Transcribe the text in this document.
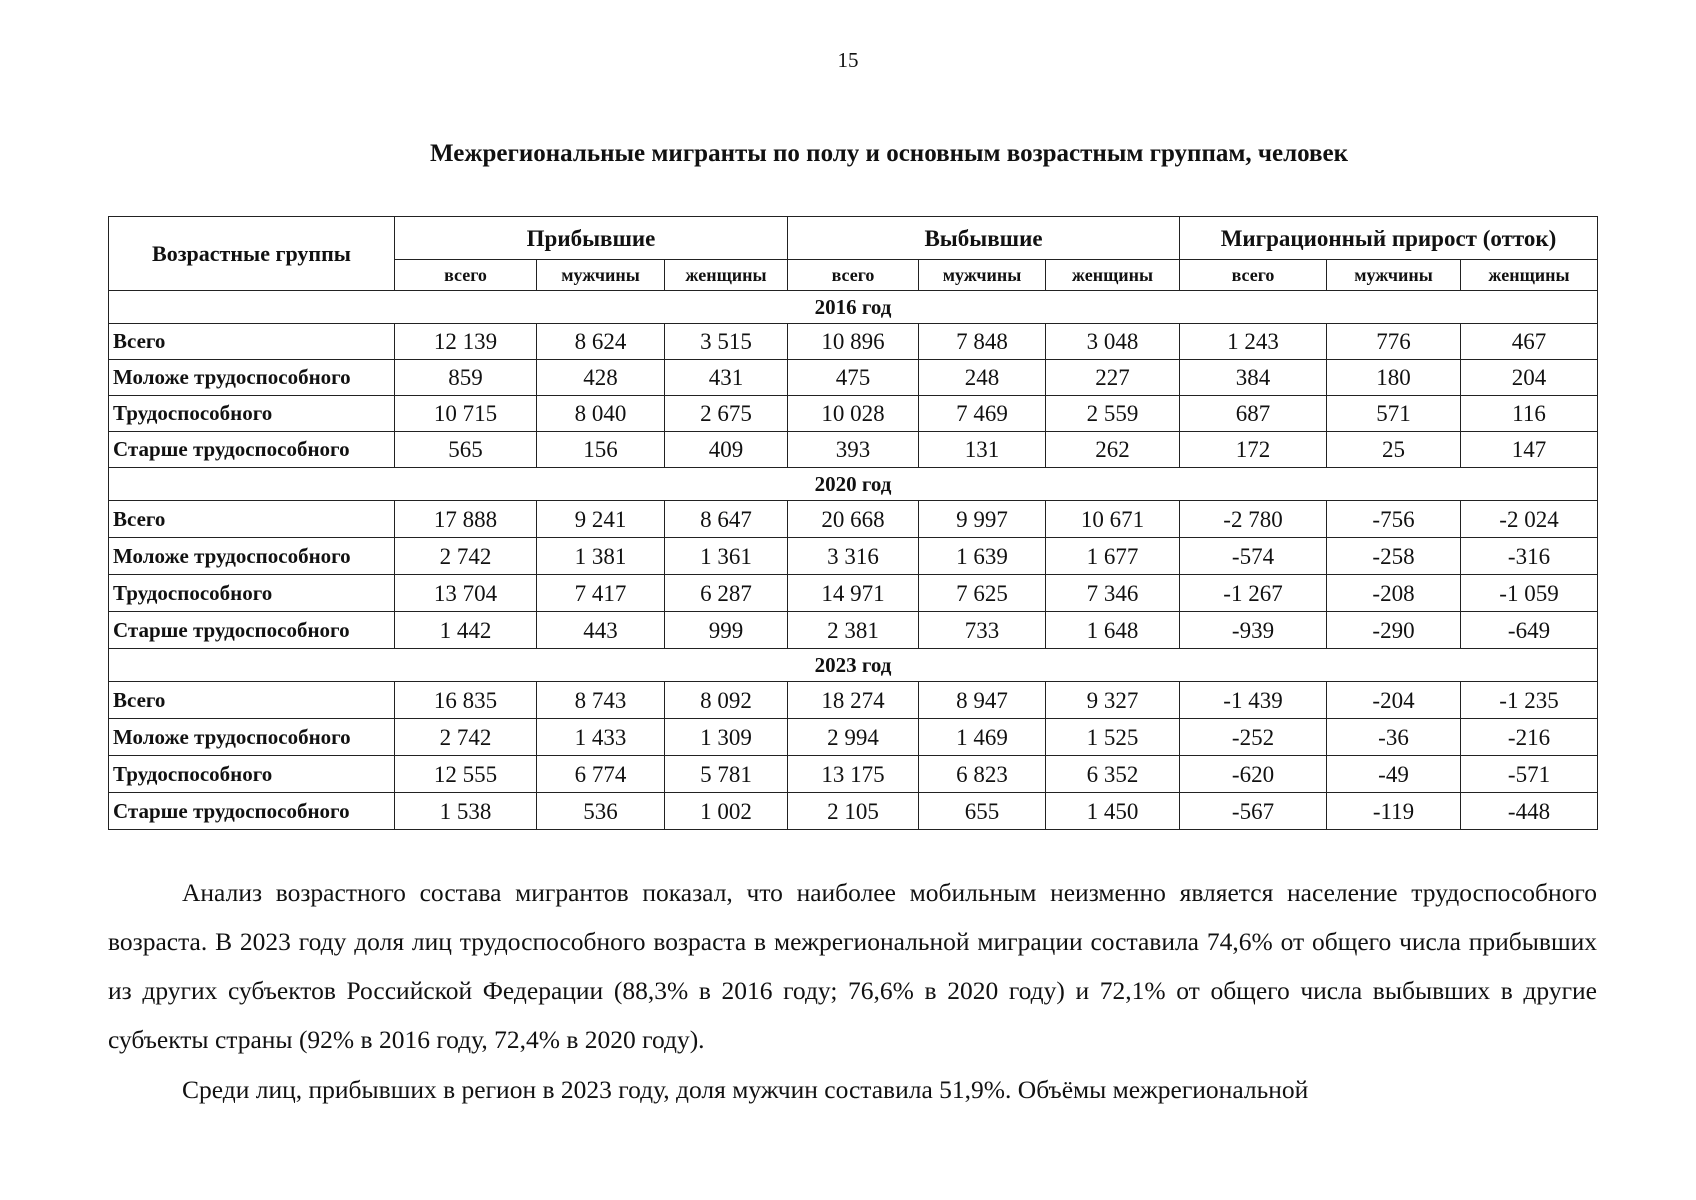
15
Межрегиональные мигранты по полу и основным возрастным группам, человек
Возрастные группы	Прибывшие			Выбывшие			Миграционный прирост (отток)		
	всего	мужчины	женщины	всего	мужчины	женщины	всего	мужчины	женщины
2016 год									
Всего	12 139	8 624	3 515	10 896	7 848	3 048	1 243	776	467
Моложе трудоспособного	859	428	431	475	248	227	384	180	204
Трудоспособного	10 715	8 040	2 675	10 028	7 469	2 559	687	571	116
Старше трудоспособного	565	156	409	393	131	262	172	25	147
2020 год									
Всего	17 888	9 241	8 647	20 668	9 997	10 671	-2 780	-756	-2 024
Моложе трудоспособного	2 742	1 381	1 361	3 316	1 639	1 677	-574	-258	-316
Трудоспособного	13 704	7 417	6 287	14 971	7 625	7 346	-1 267	-208	-1 059
Старше трудоспособного	1 442	443	999	2 381	733	1 648	-939	-290	-649
2023 год									
Всего	16 835	8 743	8 092	18 274	8 947	9 327	-1 439	-204	-1 235
Моложе трудоспособного	2 742	1 433	1 309	2 994	1 469	1 525	-252	-36	-216
Трудоспособного	12 555	6 774	5 781	13 175	6 823	6 352	-620	-49	-571
Старше трудоспособного	1 538	536	1 002	2 105	655	1 450	-567	-119	-448
Анализ возрастного состава мигрантов показал, что наиболее мобильным неизменно является население трудоспособного возраста. В 2023 году доля лиц трудоспособного возраста в межрегиональной миграции составила 74,6% от общего числа прибывших из других субъектов Российской Федерации (88,3% в 2016 году; 76,6% в 2020 году) и 72,1% от общего числа выбывших в другие субъекты страны (92% в 2016 году, 72,4% в 2020 году).
Среди лиц, прибывших в регион в 2023 году, доля мужчин составила 51,9%. Объёмы межрегиональной
